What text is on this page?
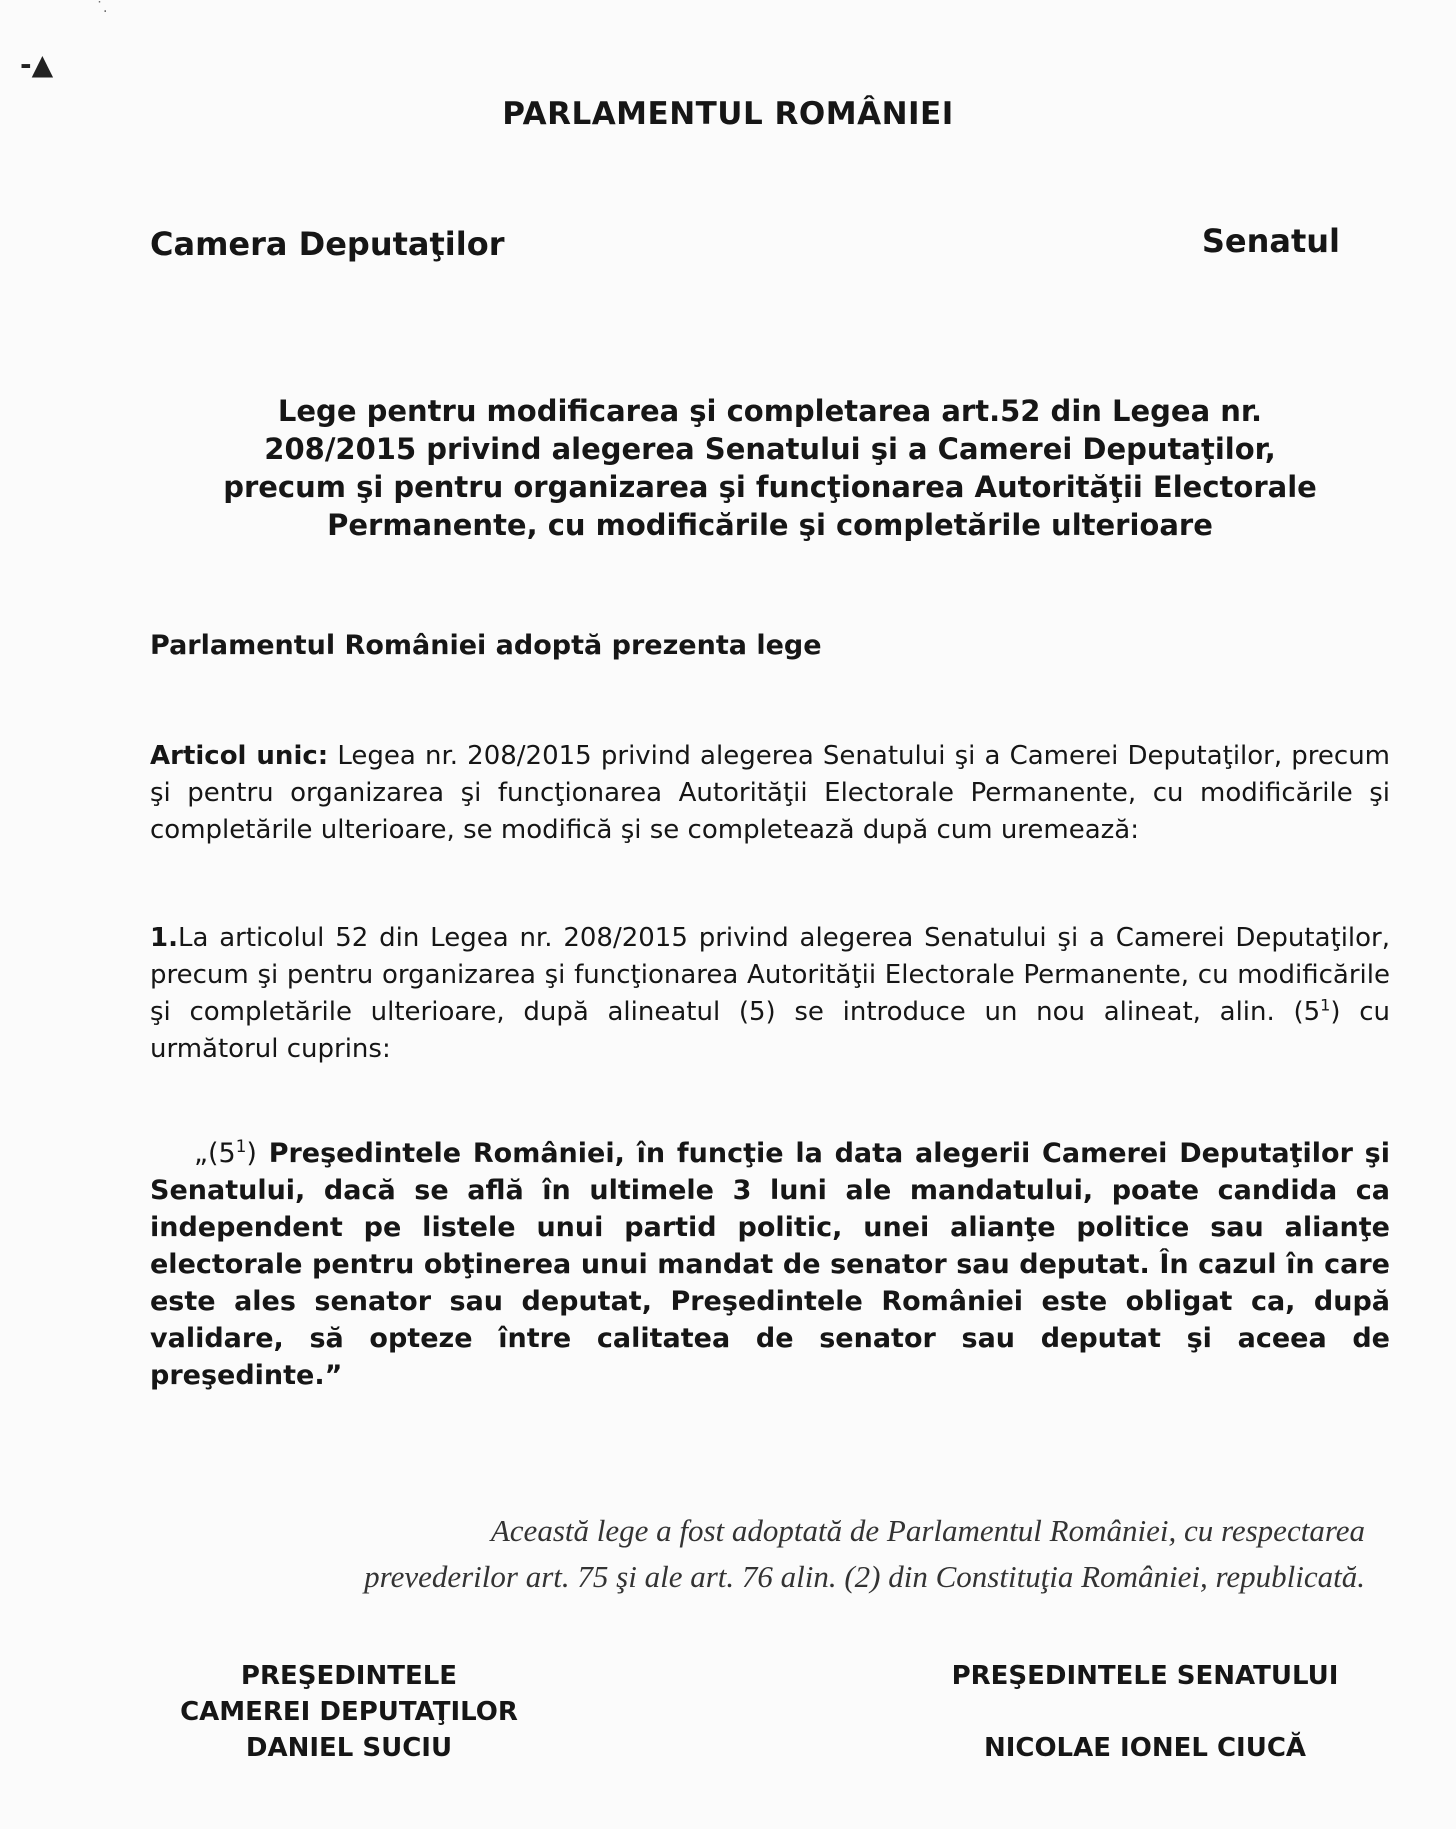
-▲
˙.
PARLAMENTUL ROMÂNIEI
Camera Deputaţilor	Senatul
Lege pentru modificarea şi completarea art.52 din Legea nr.
208/2015 privind alegerea Senatului şi a Camerei Deputaţilor,
precum şi pentru organizarea şi funcţionarea Autorităţii Electorale
Permanente, cu modificările şi completările ulterioare
Parlamentul României adoptă prezenta lege
Articol unic: Legea nr. 208/2015 privind alegerea Senatului şi a Camerei Deputaţilor, precum şi pentru organizarea şi funcţionarea Autorităţii Electorale Permanente, cu modificările şi completările ulterioare, se modifică şi se completează după cum uremează:
1.La articolul 52 din Legea nr. 208/2015 privind alegerea Senatului şi a Camerei Deputaţilor, precum şi pentru organizarea şi funcţionarea Autorităţii Electorale Permanente, cu modificările şi completările ulterioare, după alineatul (5) se introduce un nou alineat, alin. $(5^1)$ cu următorul cuprins:
$„(5^1)$ Preşedintele României, în funcţie la data alegerii Camerei Deputaţilor şi Senatului, dacă se află în ultimele 3 luni ale mandatului, poate candida ca independent pe listele unui partid politic, unei alianţe politice sau alianţe electorale pentru obţinerea unui mandat de senator sau deputat. În cazul în care este ales senator sau deputat, Preşedintele României este obligat ca, după validare, să opteze între calitatea de senator sau deputat şi aceea de preşedinte.”
Această lege a fost adoptată de Parlamentul României, cu respectarea
prevederilor art. 75 şi ale art. 76 alin. (2) din Constituţia României, republicată.
PREŞEDINTELE
CAMEREI DEPUTAŢILOR
DANIEL SUCIU
PREŞEDINTELE SENATULUI
NICOLAE IONEL CIUCĂ
